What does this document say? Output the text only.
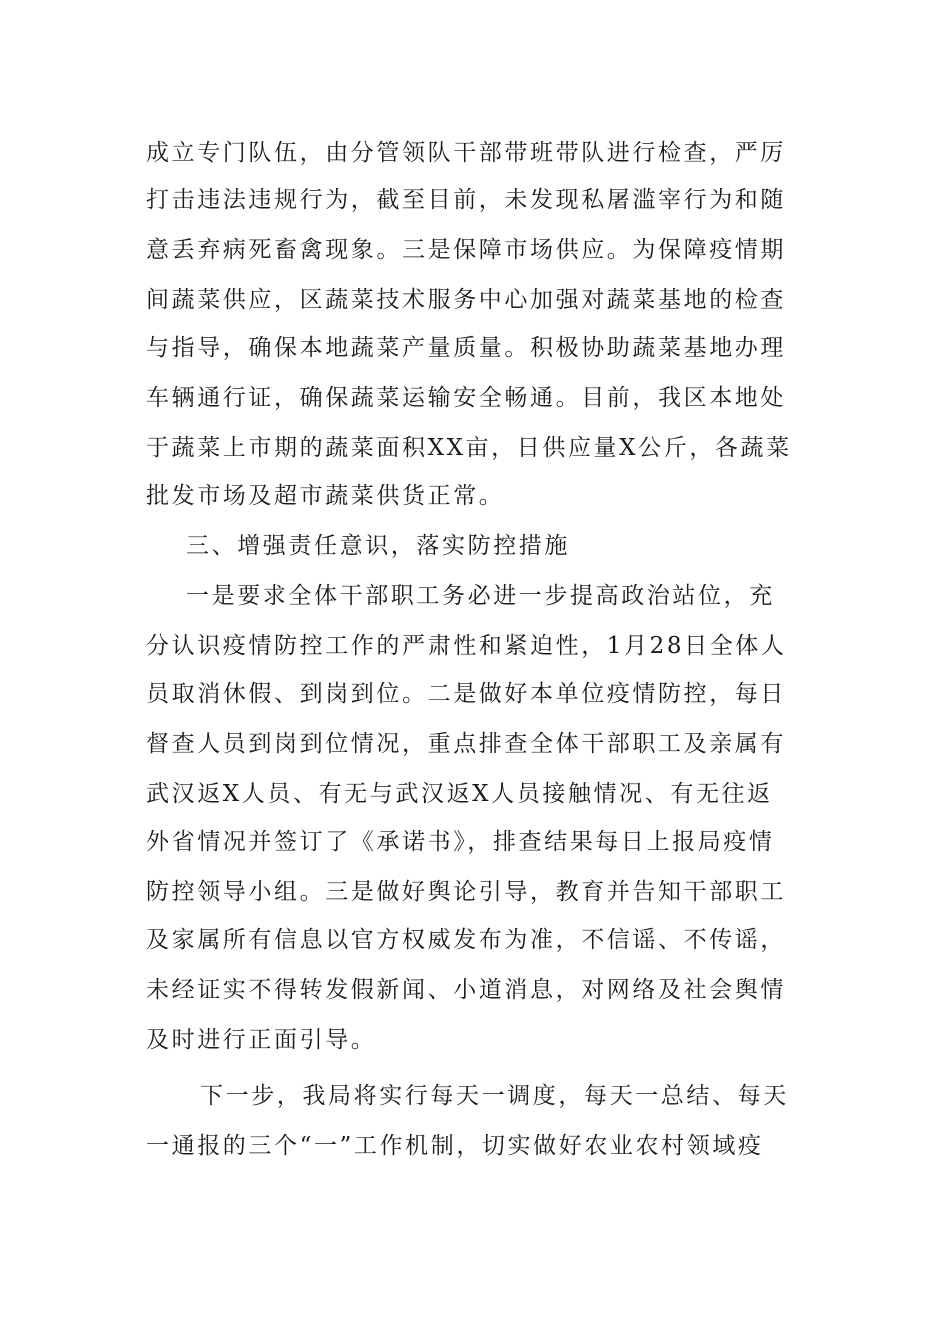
成立专门队伍，由分管领队干部带班带队进行检查，严厉
打击违法违规行为，截至目前，未发现私屠滥宰行为和随
意丢弃病死畜禽现象。三是保障市场供应。为保障疫情期
间蔬菜供应，区蔬菜技术服务中心加强对蔬菜基地的检查
与指导，确保本地蔬菜产量质量。积极协助蔬菜基地办理
车辆通行证，确保蔬菜运输安全畅通。目前，我区本地处
于蔬菜上市期的蔬菜面积XX亩，日供应量X公斤，各蔬菜
批发市场及超市蔬菜供货正常。
三、增强责任意识，落实防控措施
一是要求全体干部职工务必进一步提高政治站位，充
分认识疫情防控工作的严肃性和紧迫性，1月28日全体人
员取消休假、到岗到位。二是做好本单位疫情防控，每日
督查人员到岗到位情况，重点排查全体干部职工及亲属有
武汉返X人员、有无与武汉返X人员接触情况、有无往返
外省情况并签订了《承诺书》，排查结果每日上报局疫情
防控领导小组。三是做好舆论引导，教育并告知干部职工
及家属所有信息以官方权威发布为准，不信谣、不传谣，
未经证实不得转发假新闻、小道消息，对网络及社会舆情
及时进行正面引导。
下一步，我局将实行每天一调度，每天一总结、每天
一通报的三个“一”工作机制，切实做好农业农村领域疫
